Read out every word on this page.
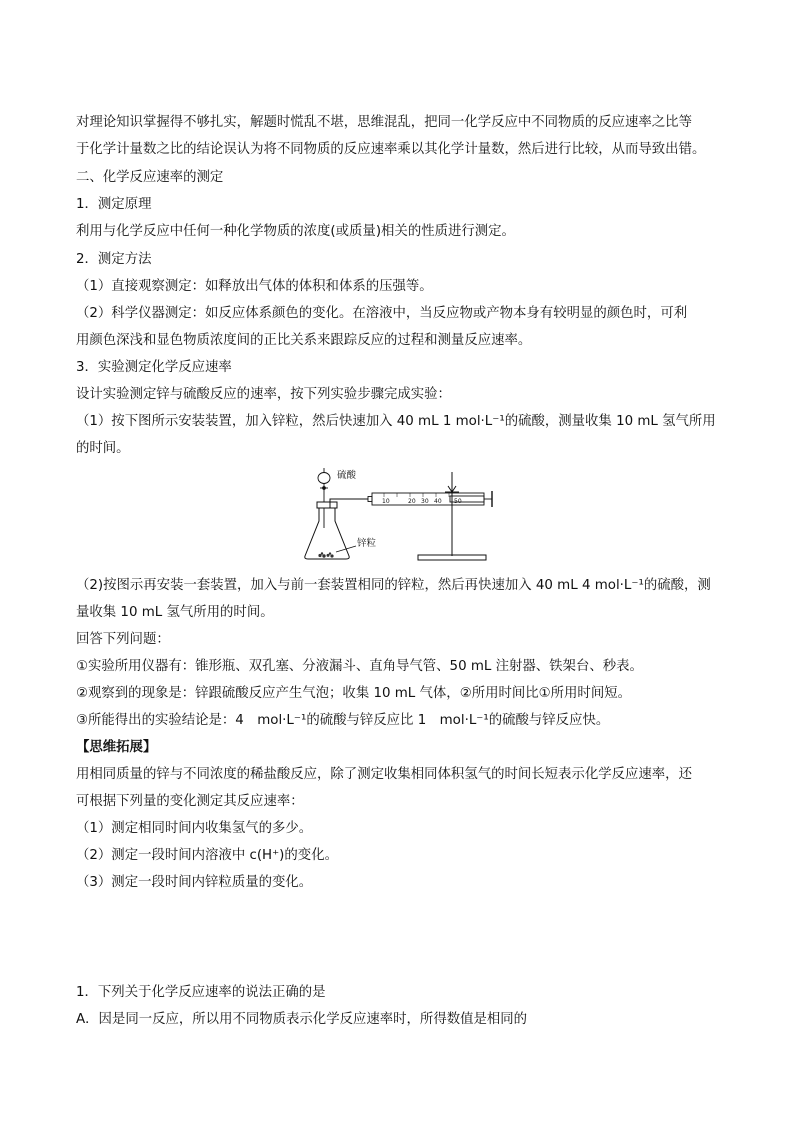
对理论知识掌握得不够扎实，解题时慌乱不堪，思维混乱，把同一化学反应中不同物质的反应速率之比等
于化学计量数之比的结论误认为将不同物质的反应速率乘以其化学计量数，然后进行比较，从而导致出错。
二、化学反应速率的测定
1．测定原理
利用与化学反应中任何一种化学物质的浓度(或质量)相关的性质进行测定。
2．测定方法
（1）直接观察测定：如释放出气体的体积和体系的压强等。
（2）科学仪器测定：如反应体系颜色的变化。在溶液中，当反应物或产物本身有较明显的颜色时，可利
用颜色深浅和显色物质浓度间的正比关系来跟踪反应的过程和测量反应速率。
3．实验测定化学反应速率
设计实验测定锌与硫酸反应的速率，按下列实验步骤完成实验：
（1）按下图所示安装装置，加入锌粒，然后快速加入 40 mL 1 mol·L⁻¹的硫酸，测量收集 10 mL 氢气所用
的时间。
硫酸
锌粒
10	20 30 40 50
（2)按图示再安装一套装置，加入与前一套装置相同的锌粒，然后再快速加入 40 mL 4 mol·L⁻¹的硫酸，测
量收集 10 mL 氢气所用的时间。
回答下列问题：
①实验所用仪器有：锥形瓶、双孔塞、分液漏斗、直角导气管、50 mL 注射器、铁架台、秒表。
②观察到的现象是：锌跟硫酸反应产生气泡；收集 10 mL 气体，②所用时间比①所用时间短。
③所能得出的实验结论是：4　mol·L⁻¹的硫酸与锌反应比 1　mol·L⁻¹的硫酸与锌反应快。
【思维拓展】
用相同质量的锌与不同浓度的稀盐酸反应，除了测定收集相同体积氢气的时间长短表示化学反应速率，还
可根据下列量的变化测定其反应速率：
（1）测定相同时间内收集氢气的多少。
（2）测定一段时间内溶液中 c(H⁺)的变化。
（3）测定一段时间内锌粒质量的变化。
1．下列关于化学反应速率的说法正确的是
A．因是同一反应，所以用不同物质表示化学反应速率时，所得数值是相同的
